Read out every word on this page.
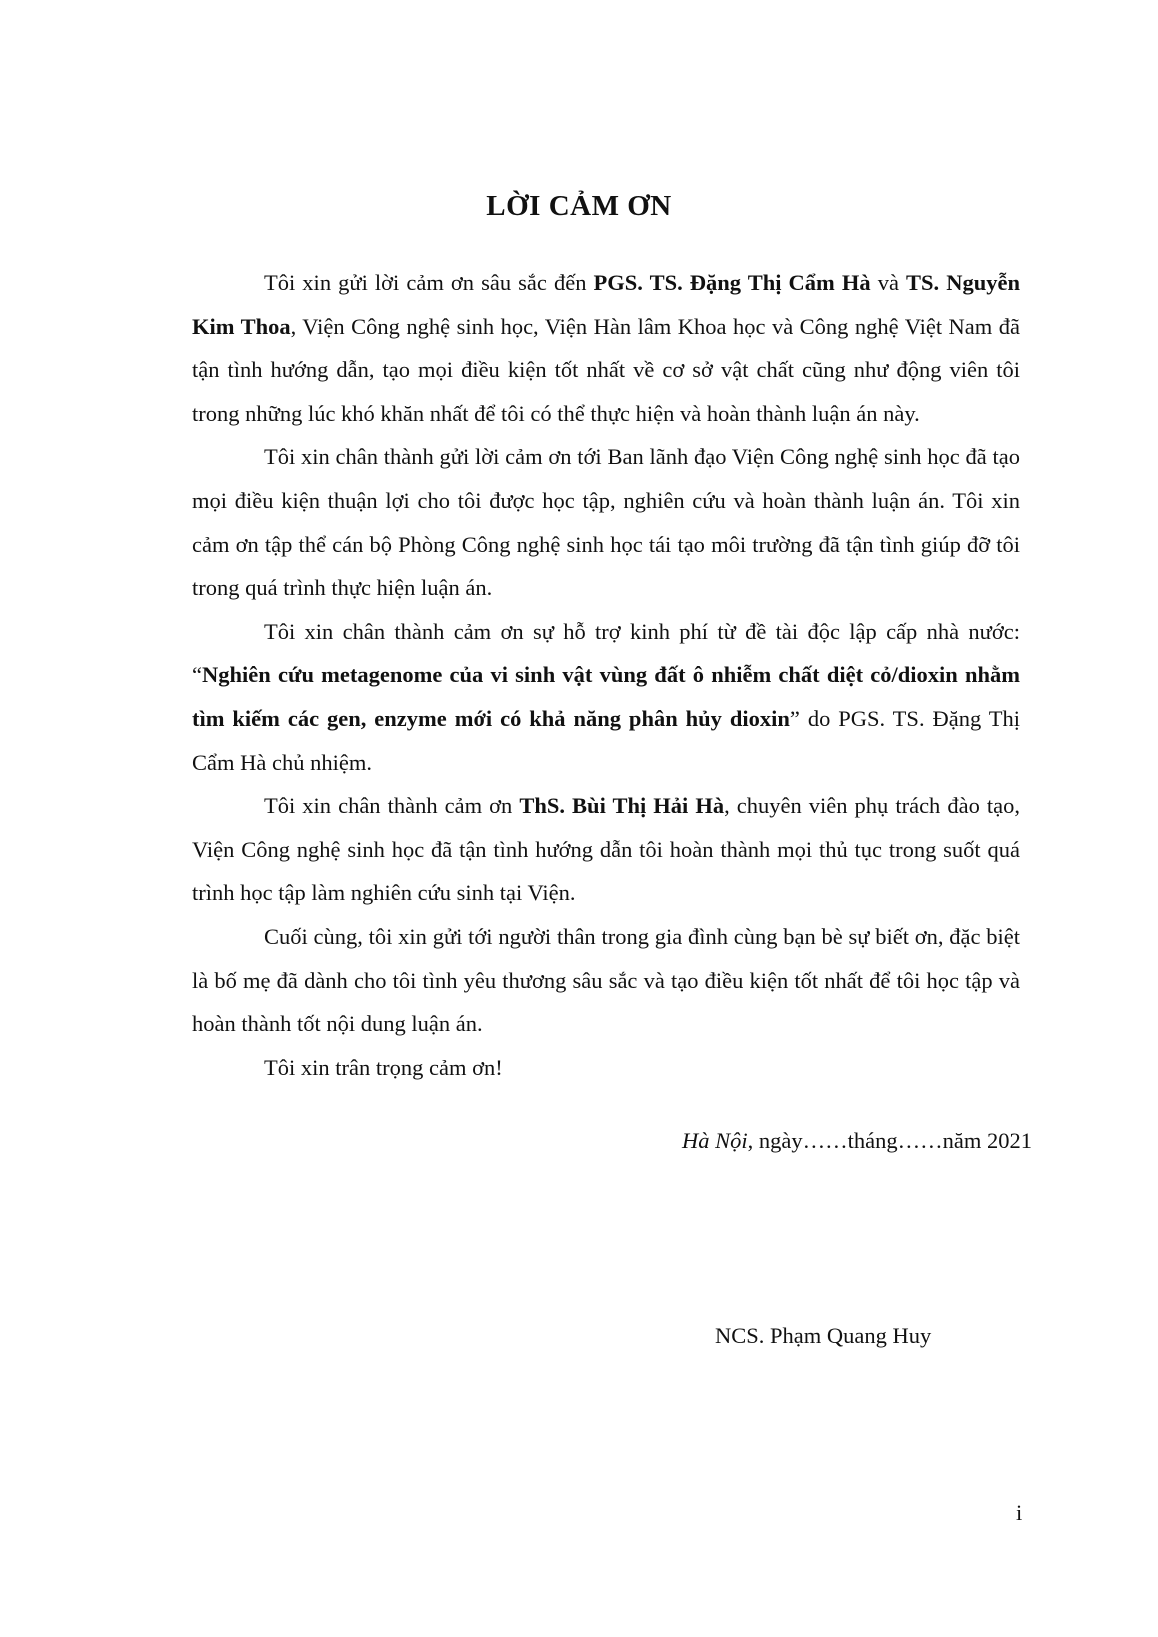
LỜI CẢM ƠN

Tôi xin gửi lời cảm ơn sâu sắc đến PGS. TS. Đặng Thị Cẩm Hà và TS. Nguyễn Kim Thoa, Viện Công nghệ sinh học, Viện Hàn lâm Khoa học và Công nghệ Việt Nam đã tận tình hướng dẫn, tạo mọi điều kiện tốt nhất về cơ sở vật chất cũng như động viên tôi trong những lúc khó khăn nhất để tôi có thể thực hiện và hoàn thành luận án này.

Tôi xin chân thành gửi lời cảm ơn tới Ban lãnh đạo Viện Công nghệ sinh học đã tạo mọi điều kiện thuận lợi cho tôi được học tập, nghiên cứu và hoàn thành luận án. Tôi xin cảm ơn tập thể cán bộ Phòng Công nghệ sinh học tái tạo môi trường đã tận tình giúp đỡ tôi trong quá trình thực hiện luận án.

Tôi xin chân thành cảm ơn sự hỗ trợ kinh phí từ đề tài độc lập cấp nhà nước: “Nghiên cứu metagenome của vi sinh vật vùng đất ô nhiễm chất diệt cỏ/dioxin nhằm tìm kiếm các gen, enzyme mới có khả năng phân hủy dioxin” do PGS. TS. Đặng Thị Cẩm Hà chủ nhiệm.

Tôi xin chân thành cảm ơn ThS. Bùi Thị Hải Hà, chuyên viên phụ trách đào tạo, Viện Công nghệ sinh học đã tận tình hướng dẫn tôi hoàn thành mọi thủ tục trong suốt quá trình học tập làm nghiên cứu sinh tại Viện.

Cuối cùng, tôi xin gửi tới người thân trong gia đình cùng bạn bè sự biết ơn, đặc biệt là bố mẹ đã dành cho tôi tình yêu thương sâu sắc và tạo điều kiện tốt nhất để tôi học tập và hoàn thành tốt nội dung luận án.

Tôi xin trân trọng cảm ơn!

Hà Nội, ngày……tháng……năm 2021
NCS. Phạm Quang Huy
i
